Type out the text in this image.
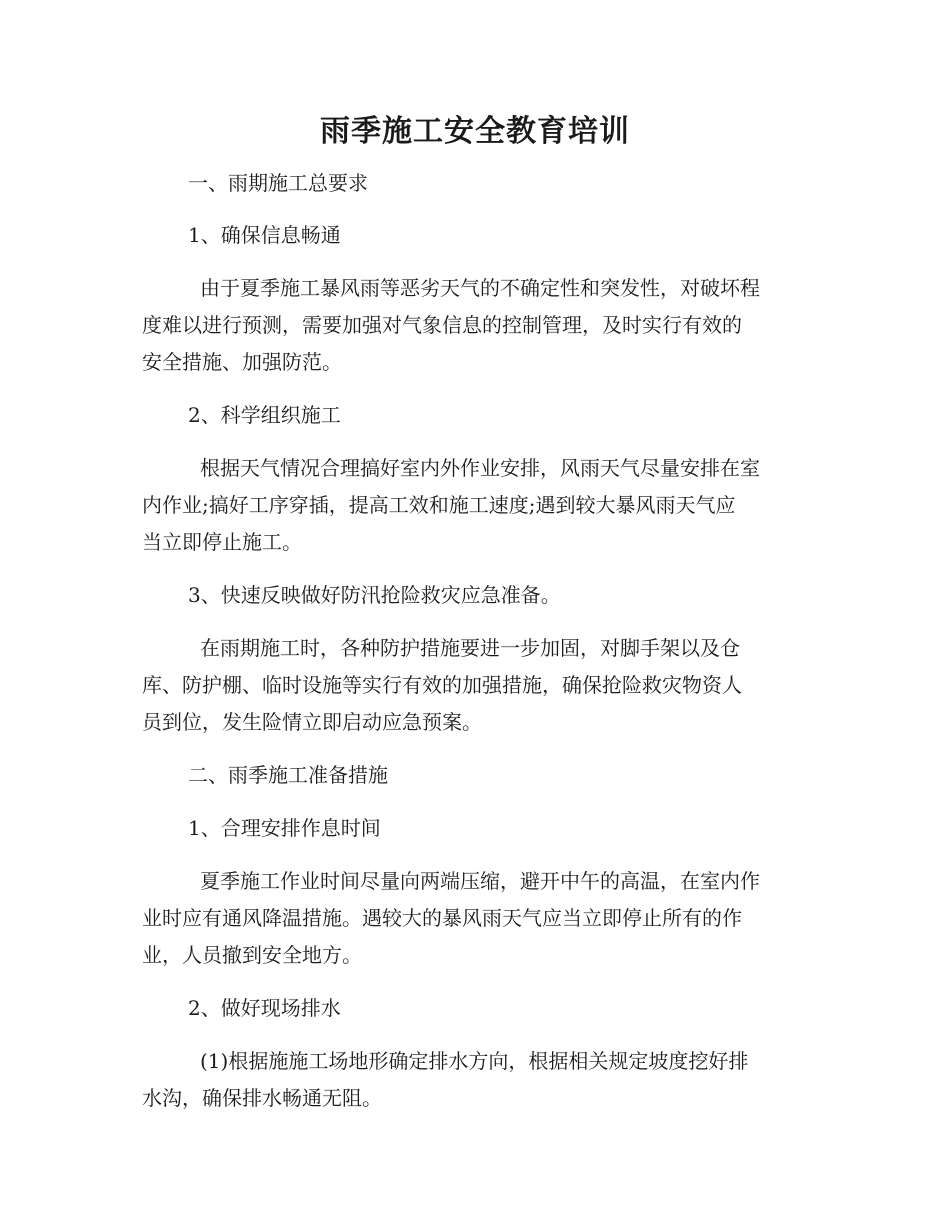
雨季施工安全教育培训
一、雨期施工总要求
1、确保信息畅通
由于夏季施工暴风雨等恶劣天气的不确定性和突发性，对破坏程
度难以进行预测，需要加强对气象信息的控制管理，及时实行有效的
安全措施、加强防范。
2、科学组织施工
根据天气情况合理搞好室内外作业安排，风雨天气尽量安排在室
内作业;搞好工序穿插，提高工效和施工速度;遇到较大暴风雨天气应
当立即停止施工。
3、快速反映做好防汛抢险救灾应急准备。
在雨期施工时，各种防护措施要进一步加固，对脚手架以及仓
库、防护棚、临时设施等实行有效的加强措施，确保抢险救灾物资人
员到位，发生险情立即启动应急预案。
二、雨季施工准备措施
1、合理安排作息时间
夏季施工作业时间尽量向两端压缩，避开中午的高温，在室内作
业时应有通风降温措施。遇较大的暴风雨天气应当立即停止所有的作
业，人员撤到安全地方。
2、做好现场排水
(1)根据施施工场地形确定排水方向，根据相关规定坡度挖好排
水沟，确保排水畅通无阻。
